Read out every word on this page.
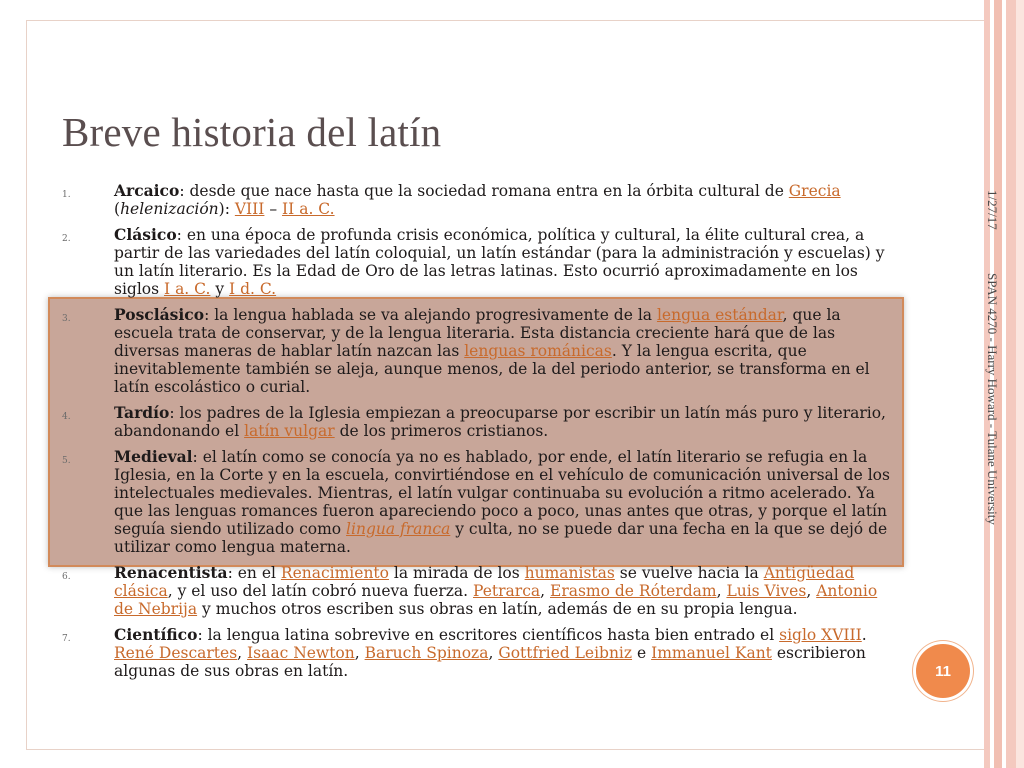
Breve historia del latín
1.	Arcaico: desde que nace hasta que la sociedad romana entra en la órbita cultural de Grecia (helenización): VIII – II a. C.
2.	Clásico: en una época de profunda crisis económica, política y cultural, la élite cultural crea, a partir de las variedades del latín coloquial, un latín estándar (para la administración y escuelas) y un latín literario. Es la Edad de Oro de las letras latinas. Esto ocurrió aproximadamente en los siglos I a. C. y I d. C.
3.	Posclásico: la lengua hablada se va alejando progresivamente de la lengua estándar, que la escuela trata de conservar, y de la lengua literaria. Esta distancia creciente hará que de las diversas maneras de hablar latín nazcan las lenguas románicas. Y la lengua escrita, que inevitablemente también se aleja, aunque menos, de la del periodo anterior, se transforma en el latín escolástico o curial.
4.	Tardío: los padres de la Iglesia empiezan a preocuparse por escribir un latín más puro y literario, abandonando el latín vulgar de los primeros cristianos.
5.	Medieval: el latín como se conocía ya no es hablado, por ende, el latín literario se refugia en la Iglesia, en la Corte y en la escuela, convirtiéndose en el vehículo de comunicación universal de los intelectuales medievales. Mientras, el latín vulgar continuaba su evolución a ritmo acelerado. Ya que las lenguas romances fueron apareciendo poco a poco, unas antes que otras, y porque el latín seguía siendo utilizado como lingua franca y culta, no se puede dar una fecha en la que se dejó de utilizar como lengua materna.
6.	Renacentista: en el Renacimiento la mirada de los humanistas se vuelve hacia la Antigüedad clásica, y el uso del latín cobró nueva fuerza. Petrarca, Erasmo de Róterdam, Luis Vives, Antonio de Nebrija y muchos otros escriben sus obras en latín, además de en su propia lengua.
7.	Científico: la lengua latina sobrevive en escritores científicos hasta bien entrado el siglo XVIII. René Descartes, Isaac Newton, Baruch Spinoza, Gottfried Leibniz e Immanuel Kant escribieron algunas de sus obras en latín.
1/27/17 SPAN 4270 - Harry Howard - Tulane University
11
